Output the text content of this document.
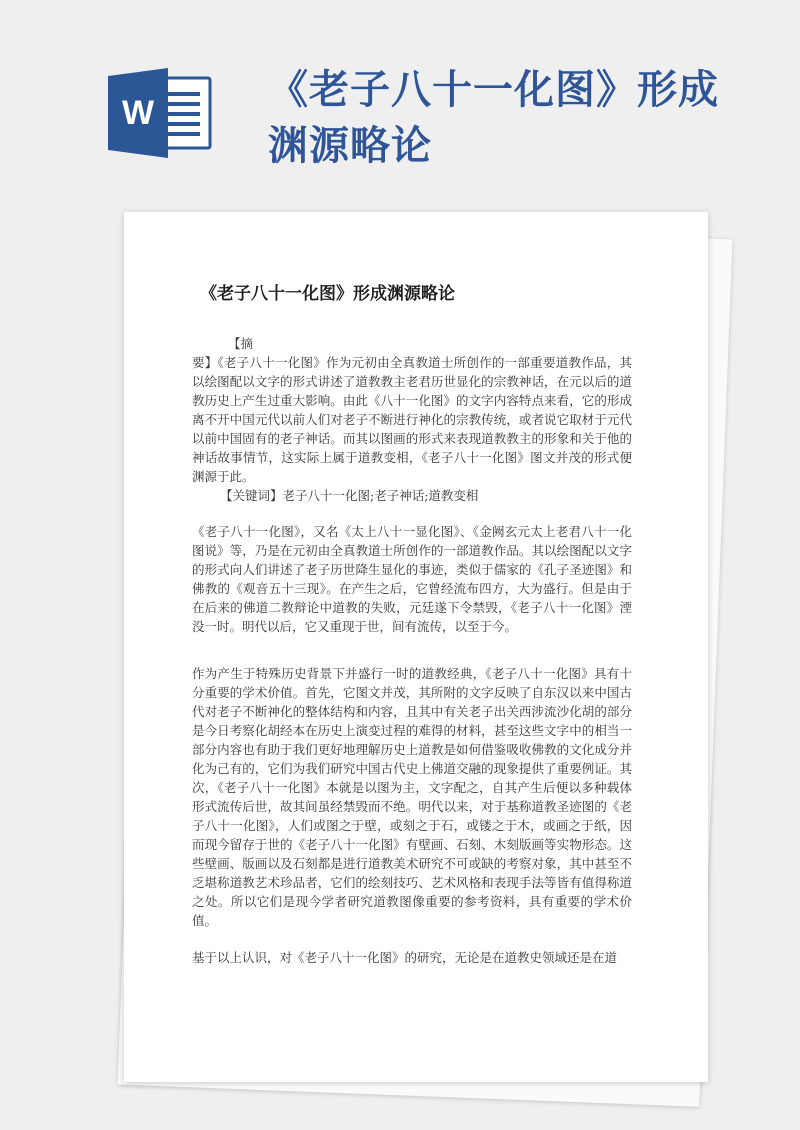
W	《老子八十一化图》形成渊源略论
《老子八十一化图》形成渊源略论

【摘

要】《老子八十一化图》作为元初由全真教道士所创作的一部重要道教作品，其以绘图配以文字的形式讲述了道教教主老君历世显化的宗教神话，在元以后的道教历史上产生过重大影响。由此《八十一化图》的文字内容特点来看，它的形成离不开中国元代以前人们对老子不断进行神化的宗教传统，或者说它取材于元代以前中国固有的老子神话。而其以图画的形式来表现道教教主的形象和关于他的神话故事情节，这实际上属于道教变相，《老子八十一化图》图文并茂的形式便渊源于此。

【关键词】老子八十一化图;老子神话;道教变相

《老子八十一化图》，又名《太上八十一显化图》、《金阙玄元太上老君八十一化图说》等，乃是在元初由全真教道士所创作的一部道教作品。其以绘图配以文字的形式向人们讲述了老子历世降生显化的事迹，类似于儒家的《孔子圣迹图》和佛教的《观音五十三现》。在产生之后，它曾经流布四方，大为盛行。但是由于在后来的佛道二教辩论中道教的失败，元廷遂下令禁毁，《老子八十一化图》湮没一时。明代以后，它又重现于世，间有流传，以至于今。

作为产生于特殊历史背景下并盛行一时的道教经典，《老子八十一化图》具有十分重要的学术价值。首先，它图文并茂，其所附的文字反映了自东汉以来中国古代对老子不断神化的整体结构和内容，且其中有关老子出关西涉流沙化胡的部分是今日考察化胡经本在历史上演变过程的难得的材料，甚至这些文字中的相当一部分内容也有助于我们更好地理解历史上道教是如何借鉴吸收佛教的文化成分并化为己有的，它们为我们研究中国古代史上佛道交融的现象提供了重要例证。其次，《老子八十一化图》本就是以图为主，文字配之，自其产生后便以多种载体形式流传后世，故其间虽经禁毁而不绝。明代以来，对于基称道教圣迹图的《老子八十一化图》，人们或图之于壁，或刻之于石，或镂之于木，或画之于纸，因而现今留存于世的《老子八十一化图》有壁画、石刻、木刻版画等实物形态。这些壁画、版画以及石刻都是进行道教美术研究不可或缺的考察对象，其中甚至不乏堪称道教艺术珍品者，它们的绘刻技巧、艺术风格和表现手法等皆有值得称道之处。所以它们是现今学者研究道教图像重要的参考资料，具有重要的学术价值。

基于以上认识，对《老子八十一化图》的研究，无论是在道教史领域还是在道
